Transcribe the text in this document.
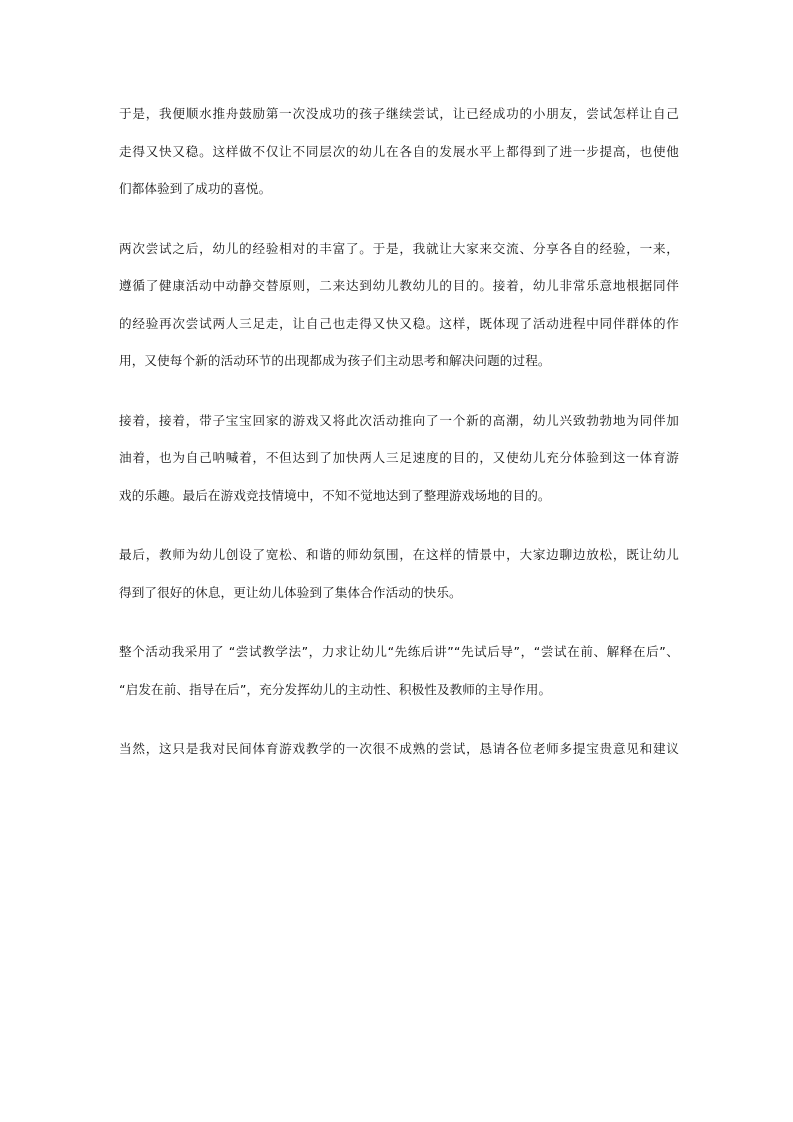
于是，我便顺水推舟鼓励第一次没成功的孩子继续尝试，让已经成功的小朋友，尝试怎样让自己
走得又快又稳。这样做不仅让不同层次的幼儿在各自的发展水平上都得到了进一步提高，也使他
们都体验到了成功的喜悦。

两次尝试之后，幼儿的经验相对的丰富了。于是，我就让大家来交流、分享各自的经验，一来，
遵循了健康活动中动静交替原则，二来达到幼儿教幼儿的目的。接着，幼儿非常乐意地根据同伴
的经验再次尝试两人三足走，让自己也走得又快又稳。这样，既体现了活动进程中同伴群体的作
用，又使每个新的活动环节的出现都成为孩子们主动思考和解决问题的过程。

接着，接着，带子宝宝回家的游戏又将此次活动推向了一个新的高潮，幼儿兴致勃勃地为同伴加
油着，也为自己呐喊着，不但达到了加快两人三足速度的目的，又使幼儿充分体验到这一体育游
戏的乐趣。最后在游戏竞技情境中，不知不觉地达到了整理游戏场地的目的。

最后，教师为幼儿创设了宽松、和谐的师幼氛围，在这样的情景中，大家边聊边放松，既让幼儿
得到了很好的休息，更让幼儿体验到了集体合作活动的快乐。

整个活动我采用了 “尝试教学法”，力求让幼儿“先练后讲”“先试后导”，“尝试在前、解释在后”、
“启发在前、指导在后”，充分发挥幼儿的主动性、积极性及教师的主导作用。

当然，这只是我对民间体育游戏教学的一次很不成熟的尝试，恳请各位老师多提宝贵意见和建议
